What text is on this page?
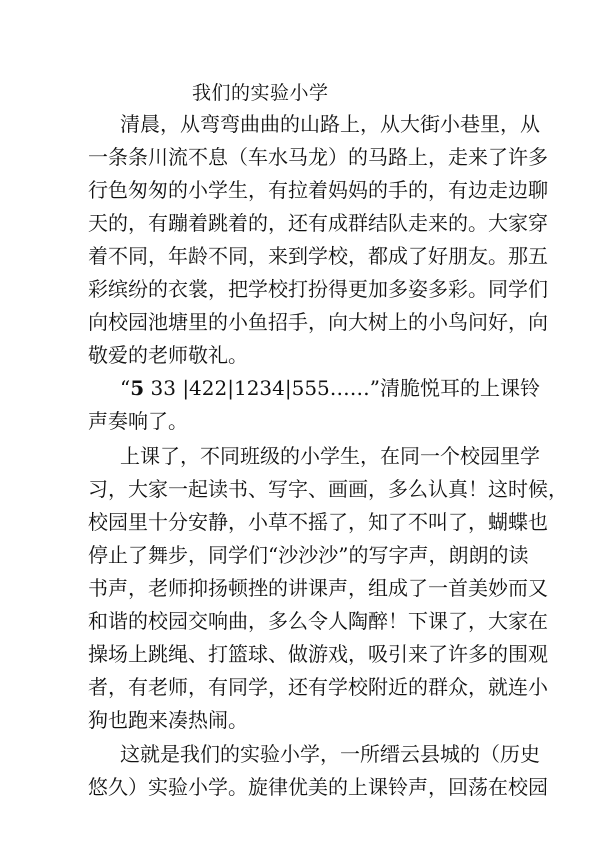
我们的实验小学
清晨，从弯弯曲曲的山路上，从大街小巷里，从
一条条川流不息（车水马龙）的马路上，走来了许多
行色匆匆的小学生，有拉着妈妈的手的，有边走边聊
天的，有蹦着跳着的，还有成群结队走来的。大家穿
着不同，年龄不同，来到学校，都成了好朋友。那五
彩缤纷的衣裳，把学校打扮得更加多姿多彩。同学们
向校园池塘里的小鱼招手，向大树上的小鸟问好，向
敬爱的老师敬礼。
“5 33 |422|1234|555……”清脆悦耳的上课铃
声奏响了。
上课了，不同班级的小学生，在同一个校园里学
习，大家一起读书、写字、画画，多么认真！这时候，
校园里十分安静，小草不摇了，知了不叫了，蝴蝶也
停止了舞步，同学们“沙沙沙”的写字声，朗朗的读
书声，老师抑扬顿挫的讲课声，组成了一首美妙而又
和谐的校园交响曲，多么令人陶醉！下课了，大家在
操场上跳绳、打篮球、做游戏，吸引来了许多的围观
者，有老师，有同学，还有学校附近的群众，就连小
狗也跑来凑热闹。
这就是我们的实验小学，一所缙云县城的（历史
悠久）实验小学。旋律优美的上课铃声，回荡在校园
